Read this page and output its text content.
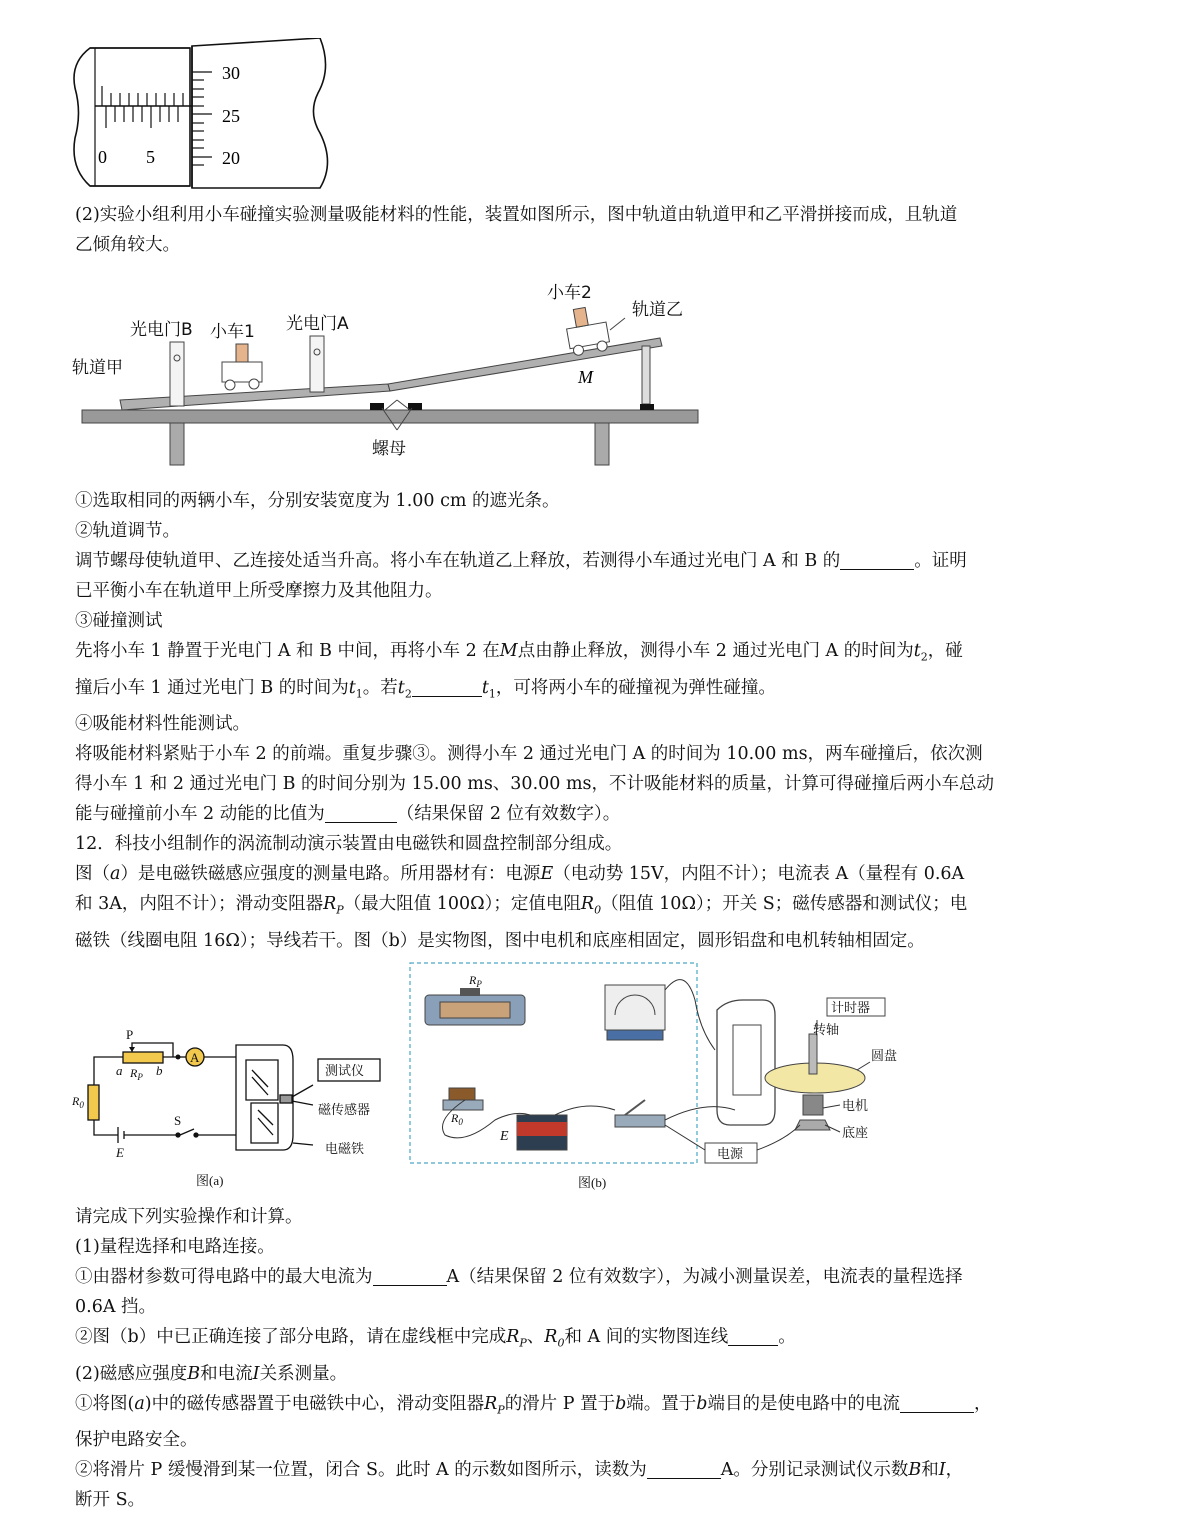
0 5
30
25
20
(2)实验小组利用小车碰撞实验测量吸能材料的性能，装置如图所示，图中轨道由轨道甲和乙平滑拼接而成，且轨道
乙倾角较大。
光电门B 小车1 光电门A
小车2
轨道乙
轨道甲
螺母
M
①选取相同的两辆小车，分别安装宽度为 1.00 cm 的遮光条。
②轨道调节。
调节螺母使轨道甲、乙连接处适当升高。将小车在轨道乙上释放，若测得小车通过光电门 A 和 B 的	。证明
已平衡小车在轨道甲上所受摩擦力及其他阻力。
③碰撞测试
先将小车 1 静置于光电门 A 和 B 中间，再将小车 2 在M点由静止释放，测得小车 2 通过光电门 A 的时间为$t_2$，碰
撞后小车 1 通过光电门 B 的时间为$t_1$。若$t_2$	$t_1$，可将两小车的碰撞视为弹性碰撞。
④吸能材料性能测试。
将吸能材料紧贴于小车 2 的前端。重复步骤③。测得小车 2 通过光电门 A 的时间为 10.00 ms，两车碰撞后，依次测
得小车 1 和 2 通过光电门 B 的时间分别为 15.00 ms、30.00 ms，不计吸能材料的质量，计算可得碰撞后两小车总动
能与碰撞前小车 2 动能的比值为	（结果保留 2 位有效数字）。
12．科技小组制作的涡流制动演示装置由电磁铁和圆盘控制部分组成。
图（a）是电磁铁磁感应强度的测量电路。所用器材有：电源E（电动势 15V，内阻不计）；电流表 A（量程有 0.6A
和 3A，内阻不计）；滑动变阻器$R_P$（最大阻值 100Ω）；定值电阻$R_0$（阻值 10Ω）；开关 S；磁传感器和测试仪；电
磁铁（线圈电阻 16Ω）；导线若干。图（b）是实物图，图中电机和底座相固定，圆形铝盘和电机转轴相固定。
P
a	b
$R_P$
$R_0$
E
S
A
图(a)
测试仪
磁传感器
电磁铁
$R_P$
$R_0$
E
图(b)
计时器
转轴
圆盘
电机
底座
电源
请完成下列实验操作和计算。
(1)量程选择和电路连接。
①由器材参数可得电路中的最大电流为	A（结果保留 2 位有效数字），为减小测量误差，电流表的量程选择
0.6A 挡。
②图（b）中已正确连接了部分电路，请在虚线框中完成$R_P$、$R_0$和 A 间的实物图连线	。
(2)磁感应强度B和电流I关系测量。
①将图(a)中的磁传感器置于电磁铁中心，滑动变阻器$R_P$的滑片 P 置于b端。置于b端目的是使电路中的电流	，
保护电路安全。
②将滑片 P 缓慢滑到某一位置，闭合 S。此时 A 的示数如图所示，读数为	A。分别记录测试仪示数B和I，
断开 S。
